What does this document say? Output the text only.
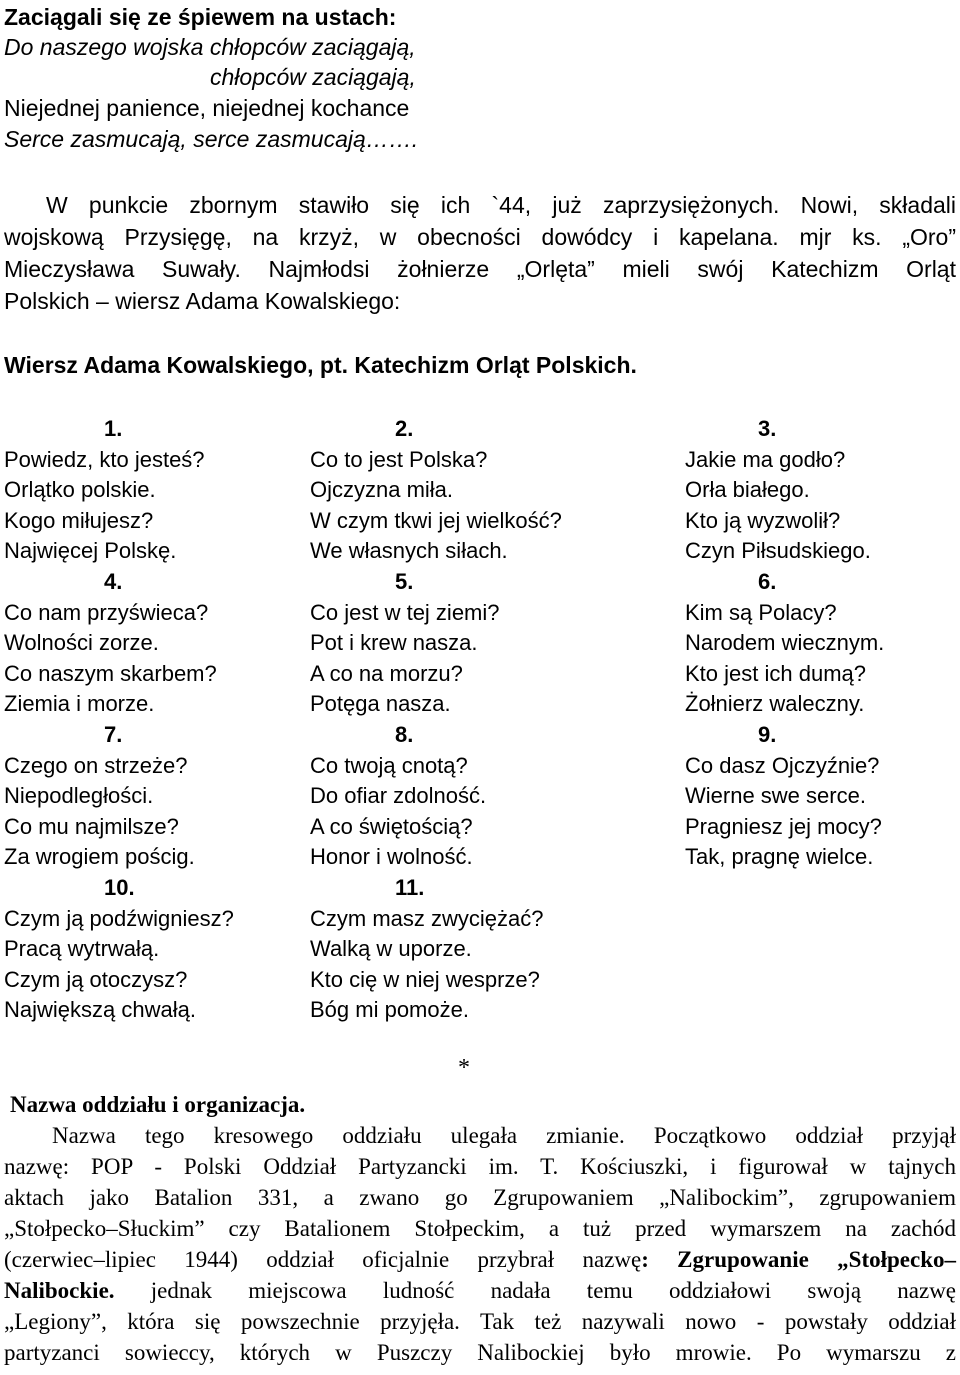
Zaciągali się ze śpiewem na ustach:
Do naszego wojska chłopców zaciągają,
chłopców zaciągają,
Niejednej panience, niejednej kochance
Serce zasmucają, serce zasmucają…….
W punkcie zbornym stawiło się ich `44, już zaprzysiężonych. Nowi, składali
wojskową Przysięgę, na krzyż, w obecności dowódcy i kapelana. mjr ks. „Oro”
Mieczysława Suwały. Najmłodsi żołnierze „Orlęta” mieli swój Katechizm Orląt
Polskich – wiersz Adama Kowalskiego:
Wiersz Adama Kowalskiego, pt. Katechizm Orląt Polskich.
1.	2.	3.
Powiedz, kto jesteś?	Co to jest Polska?	Jakie ma godło?
Orlątko polskie.	Ojczyzna miła.	Orła białego.
Kogo miłujesz?	W czym tkwi jej wielkość?	Kto ją wyzwolił?
Najwięcej Polskę.	We własnych siłach.	Czyn Piłsudskiego.
4.	5.	6.
Co nam przyświeca?	Co jest w tej ziemi?	Kim są Polacy?
Wolności zorze.	Pot i krew nasza.	Narodem wiecznym.
Co naszym skarbem?	A co na morzu?	Kto jest ich dumą?
Ziemia i morze.	Potęga nasza.	Żołnierz waleczny.
7.	8.	9.
Czego on strzeże?	Co twoją cnotą?	Co dasz Ojczyźnie?
Niepodległości.	Do ofiar zdolność.	Wierne swe serce.
Co mu najmilsze?	A co świętością?	Pragniesz jej mocy?
Za wrogiem pościg.	Honor i wolność.	Tak, pragnę wielce.
10.	11.
Czym ją podźwigniesz?	Czym masz zwyciężać?
Pracą wytrwałą.	Walką w uporze.
Czym ją otoczysz?	Kto cię w niej wesprze?
Największą chwałą.	Bóg mi pomoże.
*
Nazwa oddziału i organizacja.
Nazwa tego kresowego oddziału ulegała zmianie. Początkowo oddział przyjął
nazwę: POP - Polski Oddział Partyzancki im. T. Kościuszki, i figurował w tajnych
aktach jako Batalion 331, a zwano go Zgrupowaniem „Nalibockim”, zgrupowaniem
„Stołpecko–Słuckim” czy Batalionem Stołpeckim, a tuż przed wymarszem na zachód
(czerwiec–lipiec 1944) oddział oficjalnie przybrał nazwę: Zgrupowanie „Stołpecko–
Nalibockie. jednak miejscowa ludność nadała temu oddziałowi swoją nazwę
„Legiony”, która się powszechnie przyjęła. Tak też nazywali nowo - powstały oddział
partyzanci sowieccy, których w Puszczy Nalibockiej było mrowie. Po wymarszu z
